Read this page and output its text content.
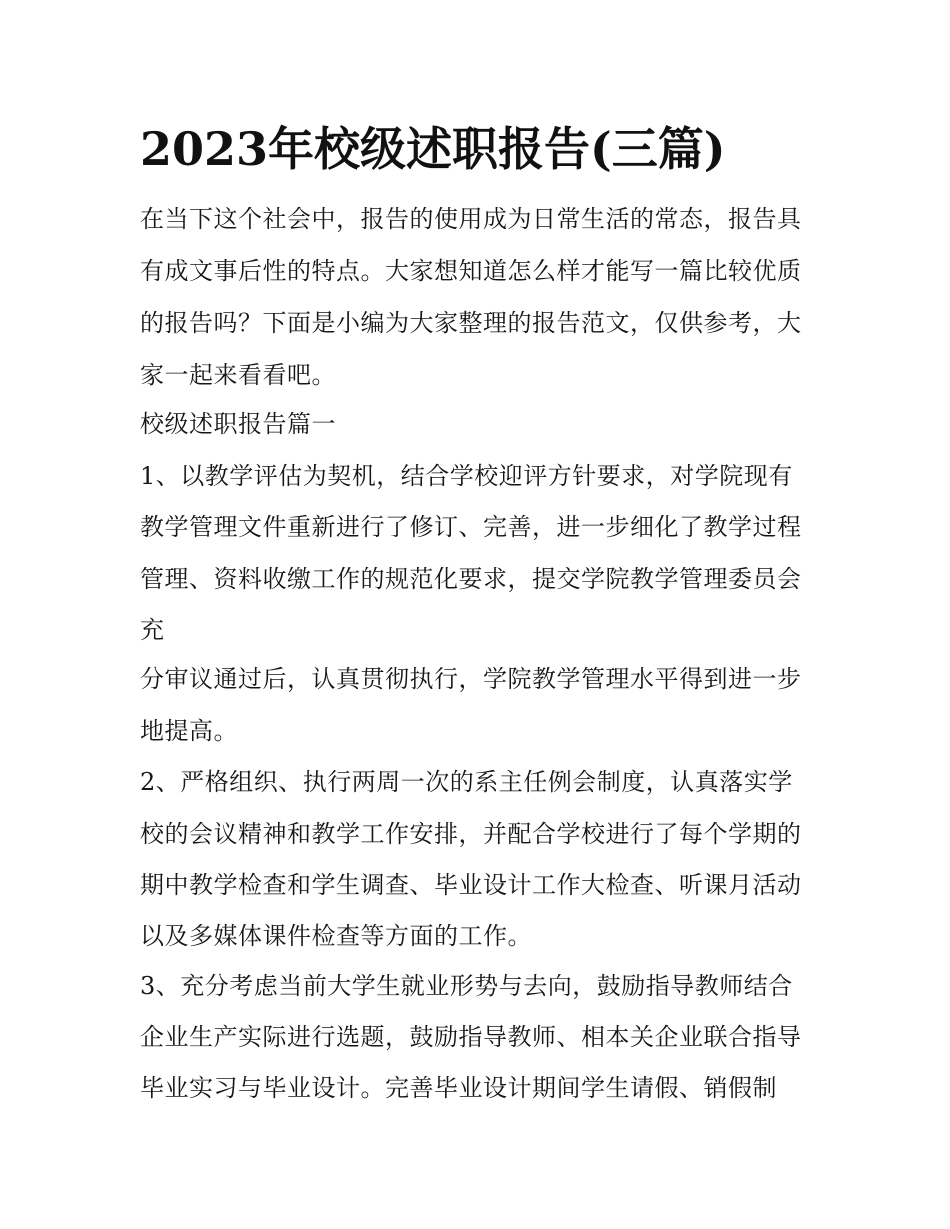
2023年校级述职报告(三篇)

在当下这个社会中，报告的使用成为日常生活的常态，报告具

有成文事后性的特点。大家想知道怎么样才能写一篇比较优质

的报告吗？下面是小编为大家整理的报告范文，仅供参考，大

家一起来看看吧。

校级述职报告篇一

1、以教学评估为契机，结合学校迎评方针要求，对学院现有

教学管理文件重新进行了修订、完善，进一步细化了教学过程

管理、资料收缴工作的规范化要求，提交学院教学管理委员会

充

分审议通过后，认真贯彻执行，学院教学管理水平得到进一步

地提高。

2、严格组织、执行两周一次的系主任例会制度，认真落实学

校的会议精神和教学工作安排，并配合学校进行了每个学期的

期中教学检查和学生调查、毕业设计工作大检查、听课月活动

以及多媒体课件检查等方面的工作。

3、充分考虑当前大学生就业形势与去向，鼓励指导教师结合

企业生产实际进行选题，鼓励指导教师、相本关企业联合指导

毕业实习与毕业设计。完善毕业设计期间学生请假、销假制
